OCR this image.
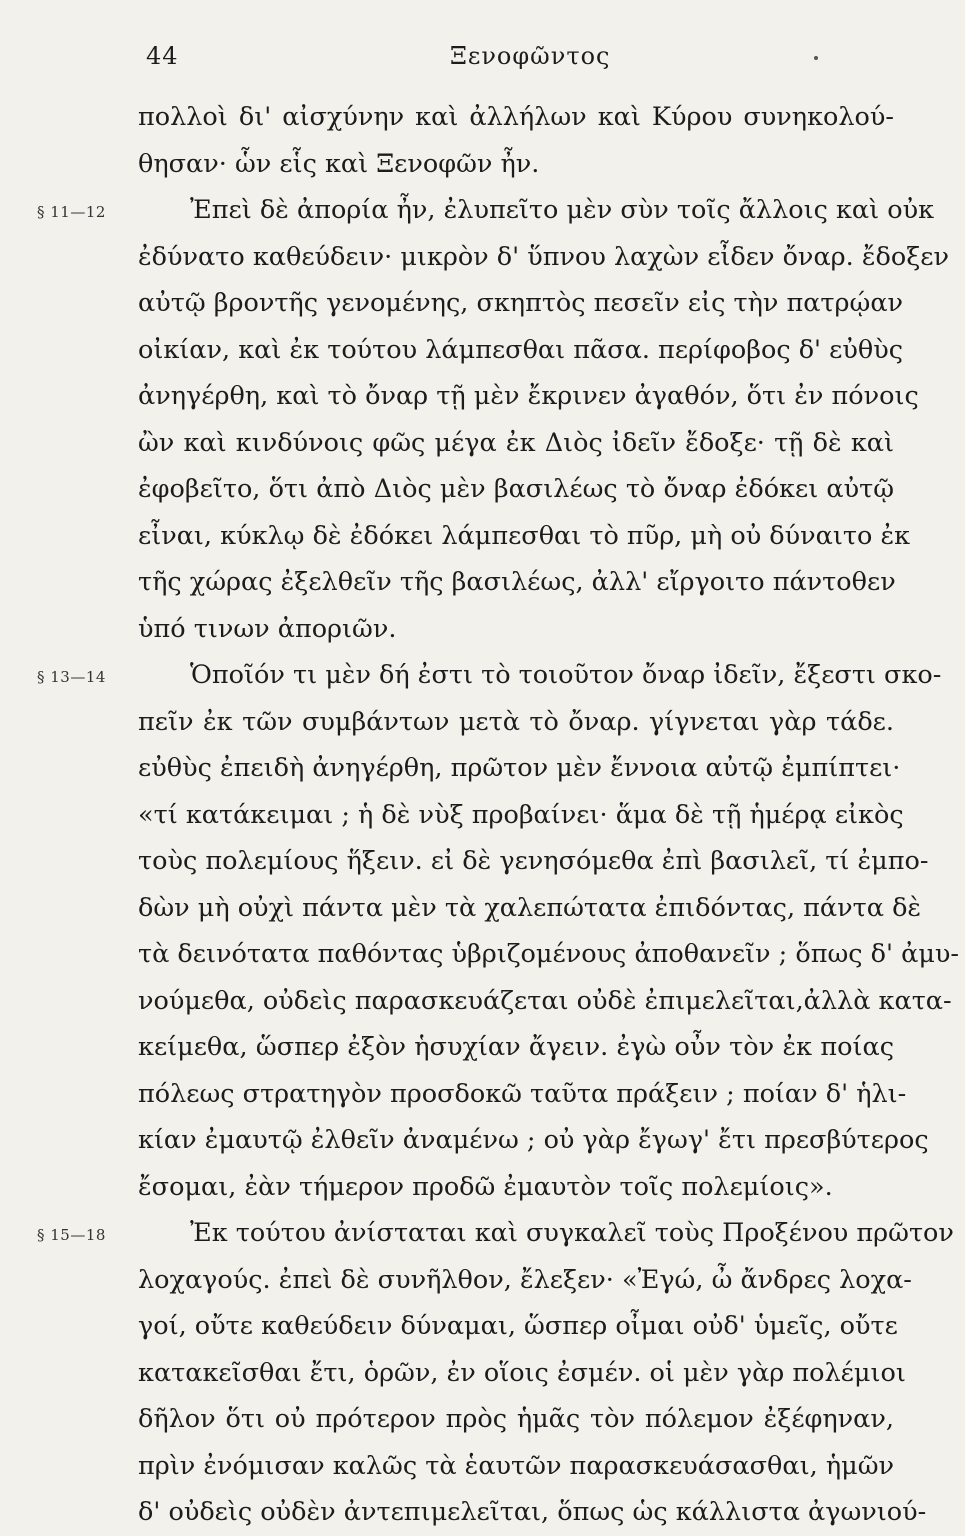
44	Ξενοφῶντος
πολλοὶ δι' αἰσχύνην καὶ ἀλλήλων καὶ Κύρου συνηκολού-
θησαν· ὧν εἷς καὶ Ξενοφῶν ἦν.
§ 11—12	Ἐπεὶ δὲ ἀπορία ἦν, ἐλυπεῖτο μὲν σὺν τοῖς ἄλλοις καὶ οὐκ
ἐδύνατο καθεύδειν· μικρὸν δ' ὕπνου λαχὼν εἶδεν ὄναρ. ἔδοξεν
αὐτῷ βροντῆς γενομένης, σκηπτὸς πεσεῖν εἰς τὴν πατρῴαν
οἰκίαν, καὶ ἐκ τούτου λάμπεσθαι πᾶσα. περίφοβος δ' εὐθὺς
ἀνηγέρθη, καὶ τὸ ὄναρ τῇ μὲν ἔκρινεν ἀγαθόν, ὅτι ἐν πόνοις
ὢν καὶ κινδύνοις φῶς μέγα ἐκ Διὸς ἰδεῖν ἔδοξε· τῇ δὲ καὶ
ἐφοβεῖτο, ὅτι ἀπὸ Διὸς μὲν βασιλέως τὸ ὄναρ ἐδόκει αὐτῷ
εἶναι, κύκλῳ δὲ ἐδόκει λάμπεσθαι τὸ πῦρ, μὴ οὐ δύναιτο ἐκ
τῆς χώρας ἐξελθεῖν τῆς βασιλέως, ἀλλ' εἴργοιτο πάντοθεν
ὑπό τινων ἀποριῶν.
§ 13—14	Ὁποῖόν τι μὲν δή ἐστι τὸ τοιοῦτον ὄναρ ἰδεῖν, ἔξεστι σκο-
πεῖν ἐκ τῶν συμβάντων μετὰ τὸ ὄναρ. γίγνεται γὰρ τάδε.
εὐθὺς ἐπειδὴ ἀνηγέρθη, πρῶτον μὲν ἔννοια αὐτῷ ἐμπίπτει·
«τί κατάκειμαι ; ἡ δὲ νὺξ προβαίνει· ἅμα δὲ τῇ ἡμέρᾳ εἰκὸς
τοὺς πολεμίους ἥξειν. εἰ δὲ γενησόμεθα ἐπὶ βασιλεῖ, τί ἐμπο-
δὼν μὴ οὐχὶ πάντα μὲν τὰ χαλεπώτατα ἐπιδόντας, πάντα δὲ
τὰ δεινότατα παθόντας ὑβριζομένους ἀποθανεῖν ; ὅπως δ' ἀμυ-
νούμεθα, οὐδεὶς παρασκευάζεται οὐδὲ ἐπιμελεῖται,ἀλλὰ κατα-
κείμεθα, ὥσπερ ἐξὸν ἡσυχίαν ἄγειν. ἐγὼ οὖν τὸν ἐκ ποίας
πόλεως στρατηγὸν προσδοκῶ ταῦτα πράξειν ; ποίαν δ' ἡλι-
κίαν ἐμαυτῷ ἐλθεῖν ἀναμένω ; οὐ γὰρ ἔγωγ' ἔτι πρεσβύτερος
ἔσομαι, ἐὰν τήμερον προδῶ ἐμαυτὸν τοῖς πολεμίοις».
§ 15—18	Ἐκ τούτου ἀνίσταται καὶ συγκαλεῖ τοὺς Προξένου πρῶτον
λοχαγούς. ἐπεὶ δὲ συνῆλθον, ἔλεξεν· «Ἐγώ, ὦ ἄνδρες λοχα-
γοί, οὔτε καθεύδειν δύναμαι, ὥσπερ οἶμαι οὐδ' ὑμεῖς, οὔτε
κατακεῖσθαι ἔτι, ὁρῶν, ἐν οἵοις ἐσμέν. οἱ μὲν γὰρ πολέμιοι
δῆλον ὅτι οὐ πρότερον πρὸς ἡμᾶς τὸν πόλεμον ἐξέφηναν,
πρὶν ἐνόμισαν καλῶς τὰ ἑαυτῶν παρασκευάσασθαι, ἡμῶν
δ' οὐδεὶς οὐδὲν ἀντεπιμελεῖται, ὅπως ὡς κάλλιστα ἀγωνιού-
